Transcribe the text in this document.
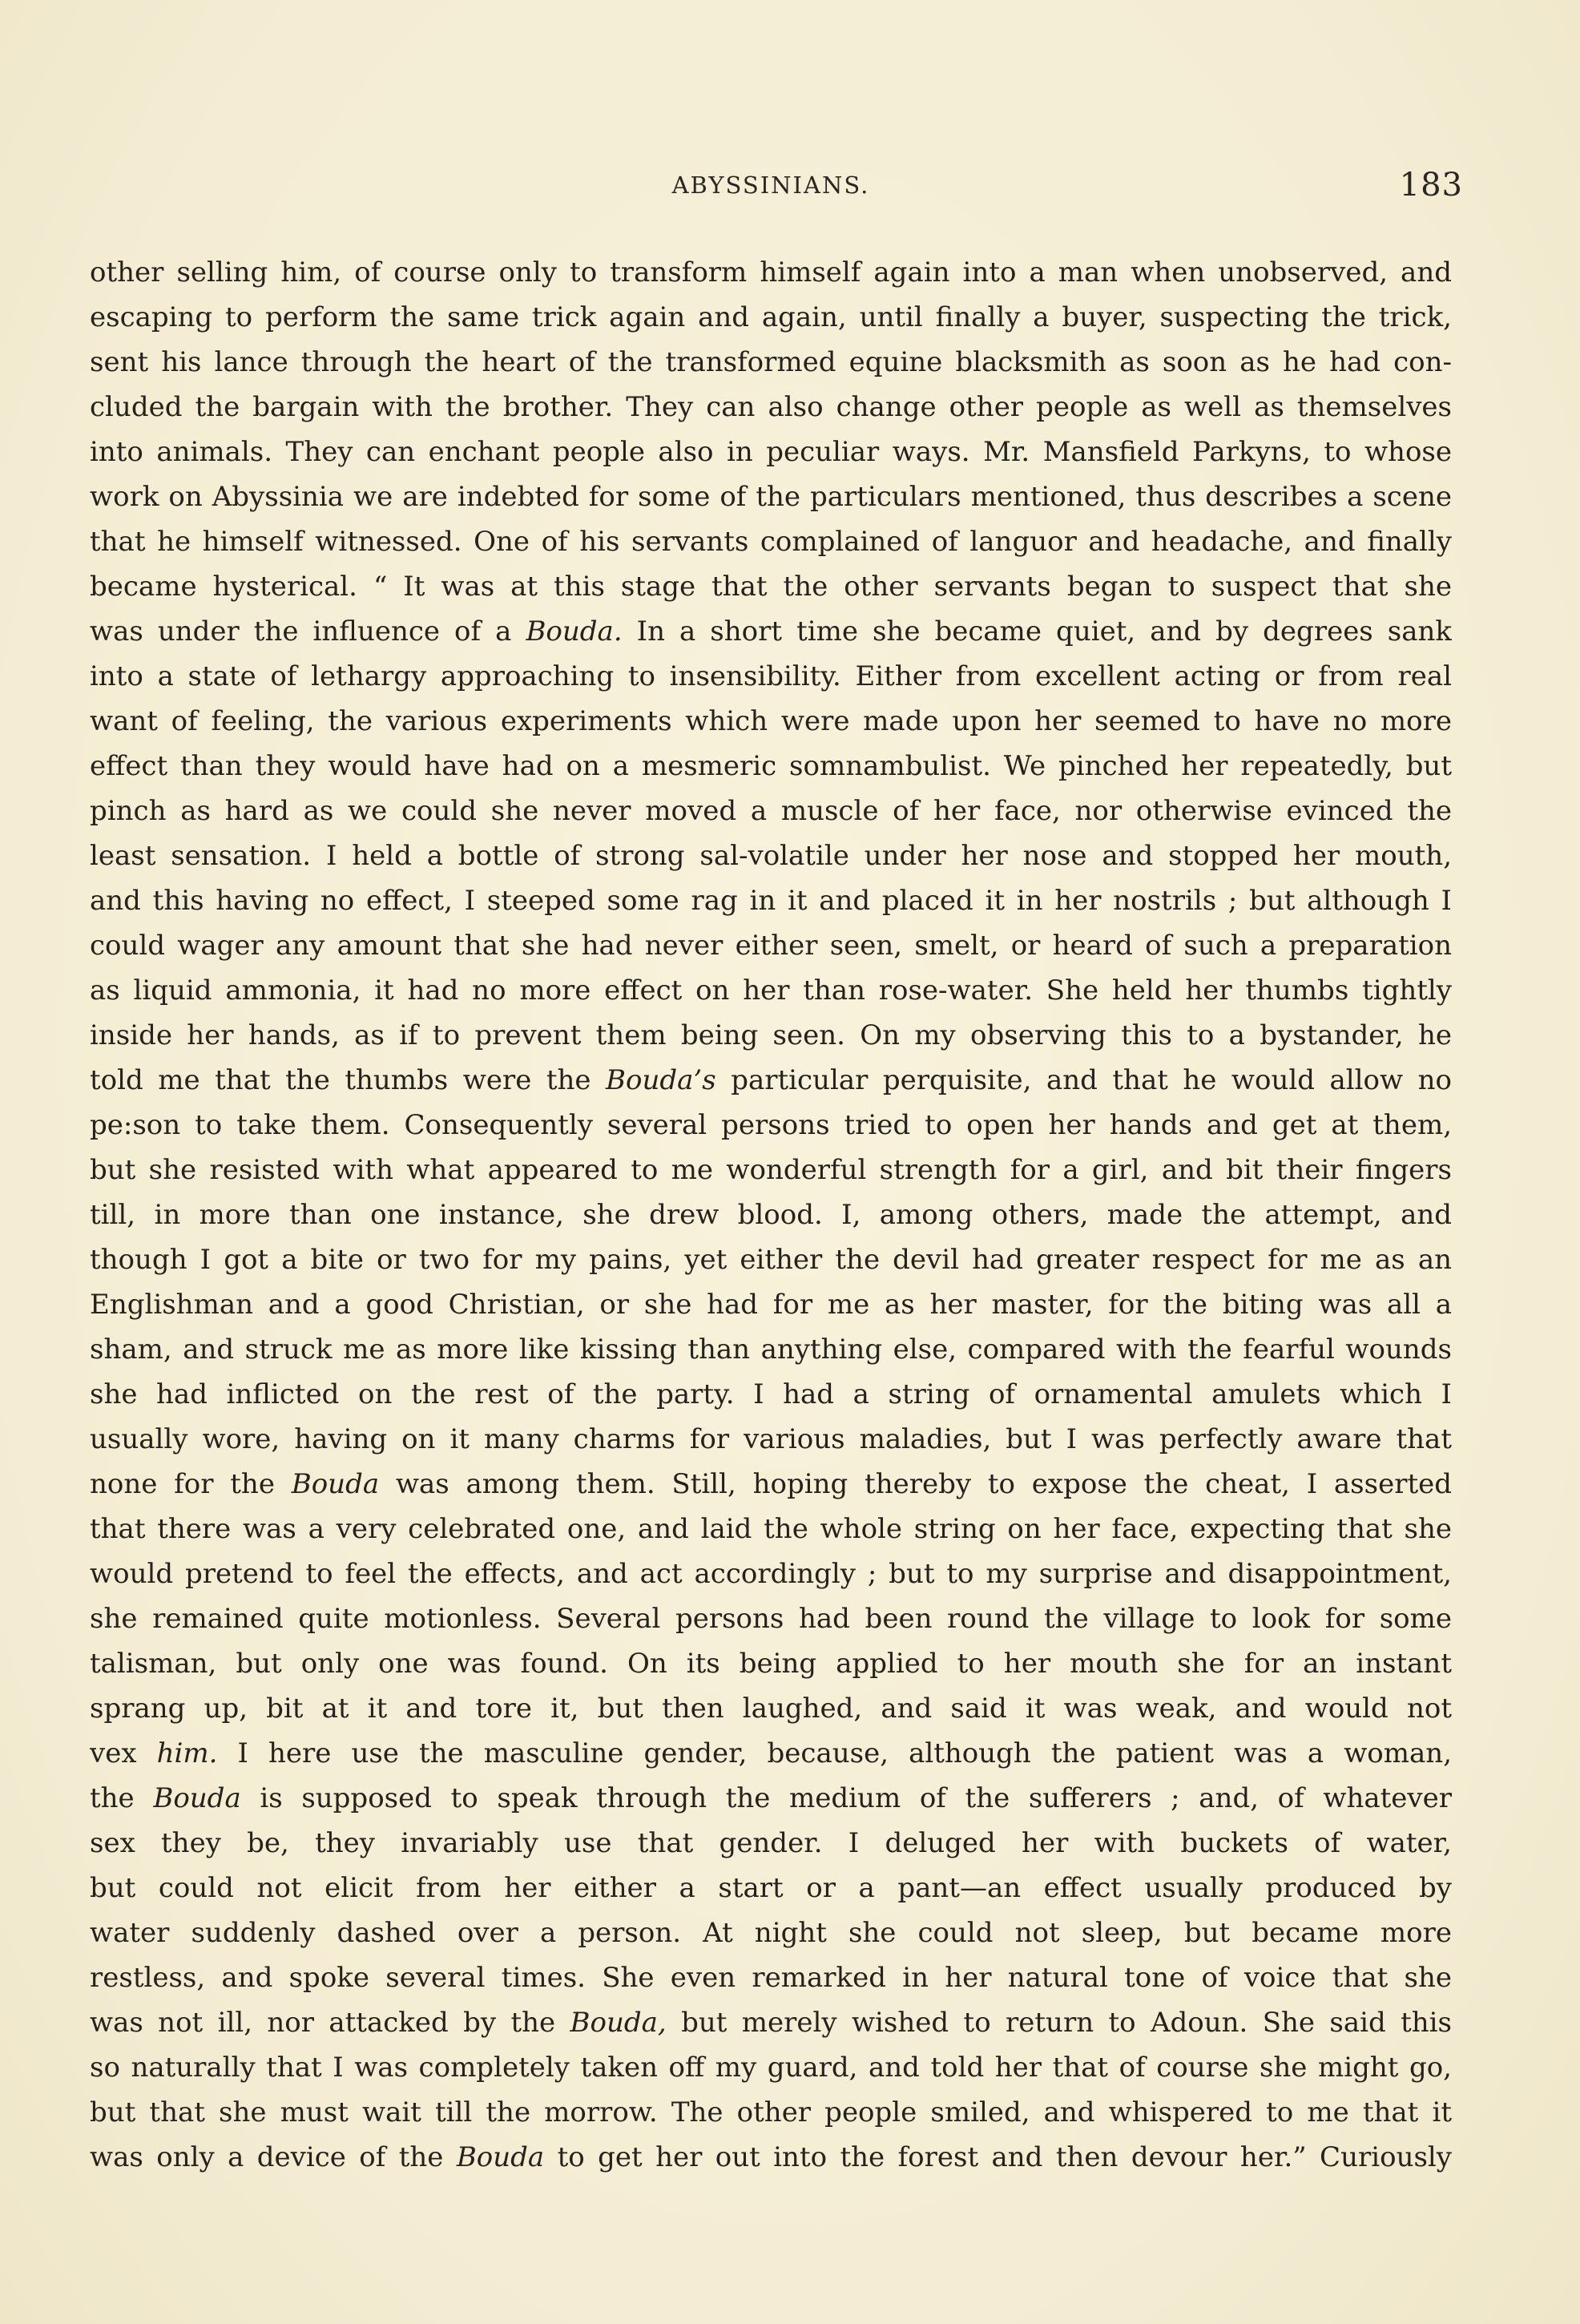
ABYSSINIANS.	183
other selling him, of course only to transform himself again into a man when unobserved, and
escaping to perform the same trick again and again, until finally a buyer, suspecting the trick,
sent his lance through the heart of the transformed equine blacksmith as soon as he had con-
cluded the bargain with the brother. They can also change other people as well as themselves
into animals. They can enchant people also in peculiar ways. Mr. Mansfield Parkyns, to whose
work on Abyssinia we are indebted for some of the particulars mentioned, thus describes a scene
that he himself witnessed. One of his servants complained of languor and headache, and finally
became hysterical. “ It was at this stage that the other servants began to suspect that she
was under the influence of a Bouda. In a short time she became quiet, and by degrees sank
into a state of lethargy approaching to insensibility. Either from excellent acting or from real
want of feeling, the various experiments which were made upon her seemed to have no more
effect than they would have had on a mesmeric somnambulist. We pinched her repeatedly, but
pinch as hard as we could she never moved a muscle of her face, nor otherwise evinced the
least sensation. I held a bottle of strong sal-volatile under her nose and stopped her mouth,
and this having no effect, I steeped some rag in it and placed it in her nostrils ; but although I
could wager any amount that she had never either seen, smelt, or heard of such a preparation
as liquid ammonia, it had no more effect on her than rose-water. She held her thumbs tightly
inside her hands, as if to prevent them being seen. On my observing this to a bystander, he
told me that the thumbs were the Bouda’s particular perquisite, and that he would allow no
pe:son to take them. Consequently several persons tried to open her hands and get at them,
but she resisted with what appeared to me wonderful strength for a girl, and bit their fingers
till, in more than one instance, she drew blood. I, among others, made the attempt, and
though I got a bite or two for my pains, yet either the devil had greater respect for me as an
Englishman and a good Christian, or she had for me as her master, for the biting was all a
sham, and struck me as more like kissing than anything else, compared with the fearful wounds
she had inflicted on the rest of the party. I had a string of ornamental amulets which I
usually wore, having on it many charms for various maladies, but I was perfectly aware that
none for the Bouda was among them. Still, hoping thereby to expose the cheat, I asserted
that there was a very celebrated one, and laid the whole string on her face, expecting that she
would pretend to feel the effects, and act accordingly ; but to my surprise and disappointment,
she remained quite motionless. Several persons had been round the village to look for some
talisman, but only one was found. On its being applied to her mouth she for an instant
sprang up, bit at it and tore it, but then laughed, and said it was weak, and would not
vex him. I here use the masculine gender, because, although the patient was a woman,
the Bouda is supposed to speak through the medium of the sufferers ; and, of whatever
sex they be, they invariably use that gender. I deluged her with buckets of water,
but could not elicit from her either a start or a pant—an effect usually produced by
water suddenly dashed over a person. At night she could not sleep, but became more
restless, and spoke several times. She even remarked in her natural tone of voice that she
was not ill, nor attacked by the Bouda, but merely wished to return to Adoun. She said this
so naturally that I was completely taken off my guard, and told her that of course she might go,
but that she must wait till the morrow. The other people smiled, and whispered to me that it
was only a device of the Bouda to get her out into the forest and then devour her.” Curiously
